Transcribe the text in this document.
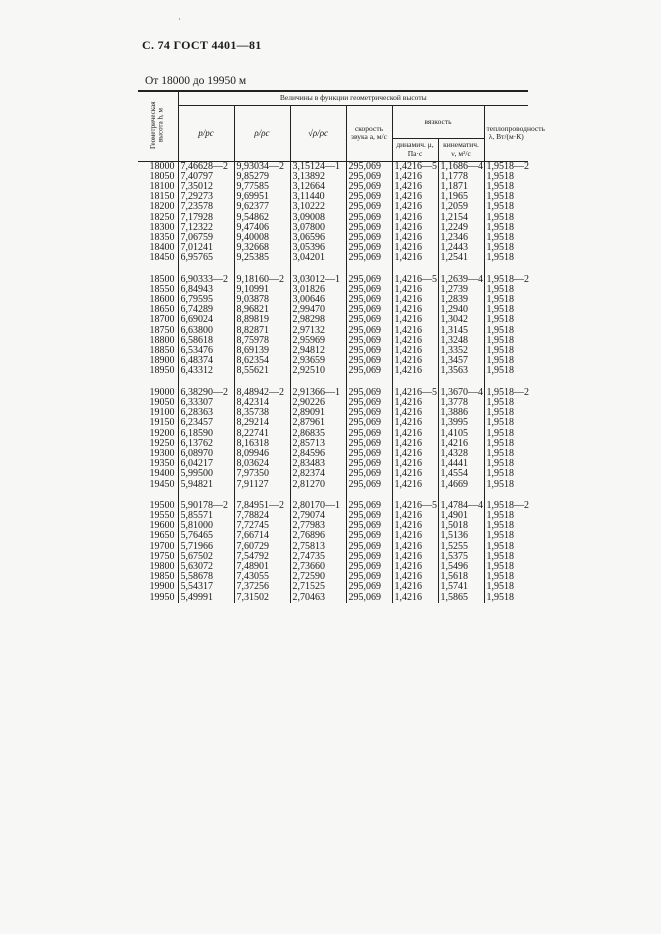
·
С. 74 ГОСТ 4401—81
От 18000 до 19950 м
Геометрическая высота h, м	Величины в функции геометрической высоты						
	p/pc	ρ/ρc	√ρ/ρc	скорость звука a, м/с	вязкость		теплопроводность λ, Вт/(м·К)
					динамич. μ, Па·с	кинематич. ν, м²/с	
18000	7,46628—2	9,93034—2	3,15124—1	295,069	1,4216—5	1,1686—4	1,9518—2
18050	7,40797	9,85279	3,13892	295,069	1,4216	1,1778	1,9518
18100	7,35012	9,77585	3,12664	295,069	1,4216	1,1871	1,9518
18150	7,29273	9,69951	3,11440	295,069	1,4216	1,1965	1,9518
18200	7,23578	9,62377	3,10222	295,069	1,4216	1,2059	1,9518
18250	7,17928	9,54862	3,09008	295,069	1,4216	1,2154	1,9518
18300	7,12322	9,47406	3,07800	295,069	1,4216	1,2249	1,9518
18350	7,06759	9,40008	3,06596	295,069	1,4216	1,2346	1,9518
18400	7,01241	9,32668	3,05396	295,069	1,4216	1,2443	1,9518
18450	6,95765	9,25385	3,04201	295,069	1,4216	1,2541	1,9518

18500	6,90333—2	9,18160—2	3,03012—1	295,069	1,4216—5	1,2639—4	1,9518—2
18550	6,84943	9,10991	3,01826	295,069	1,4216	1,2739	1,9518
18600	6,79595	9,03878	3,00646	295,069	1,4216	1,2839	1,9518
18650	6,74289	8,96821	2,99470	295,069	1,4216	1,2940	1,9518
18700	6,69024	8,89819	2,98298	295,069	1,4216	1,3042	1,9518
18750	6,63800	8,82871	2,97132	295,069	1,4216	1,3145	1,9518
18800	6,58618	8,75978	2,95969	295,069	1,4216	1,3248	1,9518
18850	6,53476	8,69139	2,94812	295,069	1,4216	1,3352	1,9518
18900	6,48374	8,62354	2,93659	295,069	1,4216	1,3457	1,9518
18950	6,43312	8,55621	2,92510	295,069	1,4216	1,3563	1,9518

19000	6,38290—2	8,48942—2	2,91366—1	295,069	1,4216—5	1,3670—4	1,9518—2
19050	6,33307	8,42314	2,90226	295,069	1,4216	1,3778	1,9518
19100	6,28363	8,35738	2,89091	295,069	1,4216	1,3886	1,9518
19150	6,23457	8,29214	2,87961	295,069	1,4216	1,3995	1,9518
19200	6,18590	8,22741	2,86835	295,069	1,4216	1,4105	1,9518
19250	6,13762	8,16318	2,85713	295,069	1,4216	1,4216	1,9518
19300	6,08970	8,09946	2,84596	295,069	1,4216	1,4328	1,9518
19350	6,04217	8,03624	2,83483	295,069	1,4216	1,4441	1,9518
19400	5,99500	7,97350	2,82374	295,069	1,4216	1,4554	1,9518
19450	5,94821	7,91127	2,81270	295,069	1,4216	1,4669	1,9518

19500	5,90178—2	7,84951—2	2,80170—1	295,069	1,4216—5	1,4784—4	1,9518—2
19550	5,85571	7,78824	2,79074	295,069	1,4216	1,4901	1,9518
19600	5,81000	7,72745	2,77983	295,069	1,4216	1,5018	1,9518
19650	5,76465	7,66714	2,76896	295,069	1,4216	1,5136	1,9518
19700	5,71966	7,60729	2,75813	295,069	1,4216	1,5255	1,9518
19750	5,67502	7,54792	2,74735	295,069	1,4216	1,5375	1,9518
19800	5,63072	7,48901	2,73660	295,069	1,4216	1,5496	1,9518
19850	5,58678	7,43055	2,72590	295,069	1,4216	1,5618	1,9518
19900	5,54317	7,37256	2,71525	295,069	1,4216	1,5741	1,9518
19950	5,49991	7,31502	2,70463	295,069	1,4216	1,5865	1,9518
